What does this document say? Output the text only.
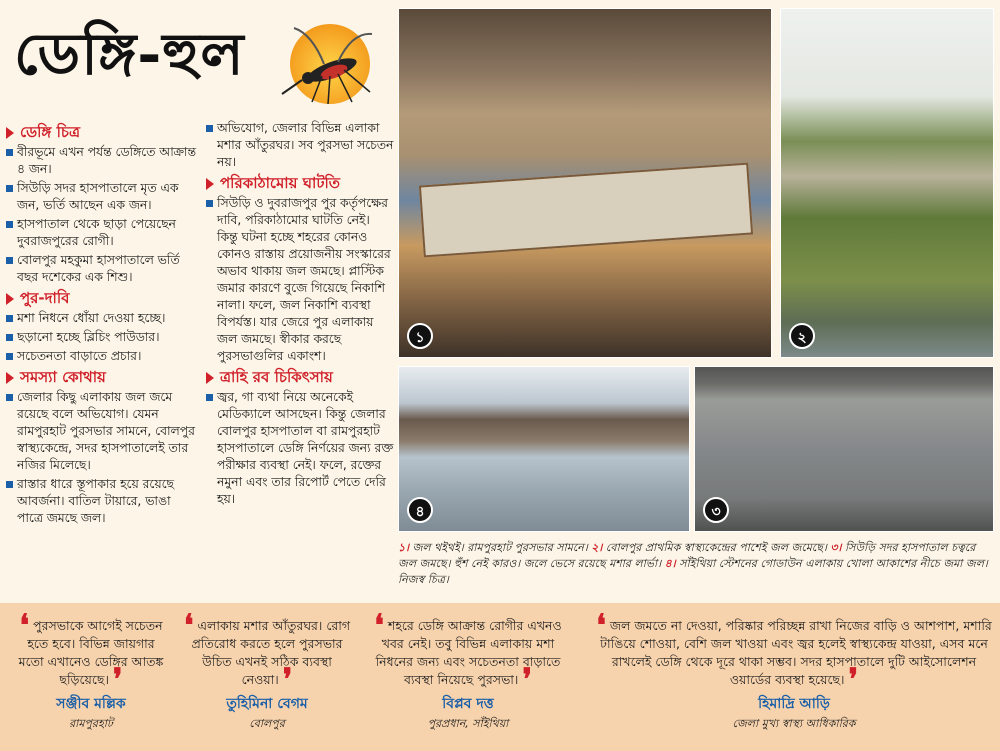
ডেঙ্গি-হুল
ডেঙ্গি চিত্র
বীরভূমে এখন পর্যন্ত ডেঙ্গিতে আক্রান্ত ৪ জন।
সিউড়ি সদর হাসপাতালে মৃত এক জন, ভর্তি আছেন এক জন।
হাসপাতাল থেকে ছাড়া পেয়েছেন দুবরাজপুরের রোগী।
বোলপুর মহকুমা হাসপাতালে ভর্তি বছর দশেকের এক শিশু।
পুর-দাবি
মশা নিধনে ধোঁয়া দেওয়া হচ্ছে।
ছড়ানো হচ্ছে ব্লিচিং পাউডার।
সচেতনতা বাড়াতে প্রচার।
সমস্যা কোথায়
জেলার কিছু এলাকায় জল জমে রয়েছে বলে অভিযোগ। যেমন রামপুরহাট পুরসভার সামনে, বোলপুর স্বাস্থ্যকেন্দ্রে, সদর হাসপাতালেই তার নজির মিলেছে।
রাস্তার ধারে স্তূপাকার হয়ে রয়েছে আবর্জনা। বাতিল টায়ারে, ভাঙা পাত্রে জমছে জল।
অভিযোগ, জেলার বিভিন্ন এলাকা মশার আঁতুরঘর। সব পুরসভা সচেতন নয়।
পরিকাঠামোয় ঘাটতি
সিউড়ি ও দুবরাজপুর পুর কর্তৃপক্ষের দাবি, পরিকাঠামোর ঘাটতি নেই। কিন্তু ঘটনা হচ্ছে শহরের কোনও কোনও রাস্তায় প্রয়োজনীয় সংস্কারের অভাব থাকায় জল জমছে। প্লাস্টিক জমার কারণে বুজে গিয়েছে নিকাশি নালা। ফলে, জল নিকাশি ব্যবস্থা বিপর্যস্ত। যার জেরে পুর এলাকায় জল জমছে। স্বীকার করছে পুরসভাগুলির একাংশ।
ত্রাহি রব চিকিৎসায়
জ্বর, গা ব্যথা নিয়ে অনেকেই মেডিক্যালে আসছেন। কিন্তু জেলার বোলপুর হাসপাতাল বা রামপুরহাট হাসপাতালে ডেঙ্গি নির্ণয়ের জন্য রক্ত পরীক্ষার ব্যবস্থা নেই। ফলে, রক্তের নমুনা এবং তার রিপোর্ট পেতে দেরি হয়।
১	২
৪	৩
১। জল থইথই। রামপুরহাট পুরসভার সামনে। ২। বোলপুর প্রাথমিক স্বাস্থ্যকেন্দ্রের পাশেই জল জমেছে। ৩। সিউড়ি সদর হাসপাতাল চত্বরে জল জমছে। হুঁশ নেই কারও। জলে ভেসে রয়েছে মশার লার্ভা। ৪। সাঁইথিয়া স্টেশনের গোডাউন এলাকায় খোলা আকাশের নীচে জমা জল। নিজস্ব চিত্র।
❛ পুরসভাকে আগেই সচেতন হতে হবে। বিভিন্ন জায়গার মতো এখানেও ডেঙ্গির আতঙ্ক ছড়িয়েছে। ❜
সঞ্জীব মল্লিক
রামপুরহাট
❛ এলাকায় মশার আঁতুরঘর। রোগ প্রতিরোধ করতে হলে পুরসভার উচিত এখনই সঠিক ব্যবস্থা নেওয়া। ❜
তুহিমিনা বেগম
বোলপুর
❛ শহরে ডেঙ্গি আক্রান্ত রোগীর এখনও খবর নেই। তবু বিভিন্ন এলাকায় মশা নিধনের জন্য এবং সচেতনতা বাড়াতে ব্যবস্থা নিয়েছে পুরসভা। ❜
বিপ্লব দত্ত
পুরপ্রধান, সাঁইথিয়া
❛ জল জমতে না দেওয়া, পরিষ্কার পরিচ্ছন্ন রাখা নিজের বাড়ি ও আশপাশ, মশারি টাঙিয়ে শোওয়া, বেশি জল খাওয়া এবং জ্বর হলেই স্বাস্থ্যকেন্দ্র যাওয়া, এসব মনে রাখলেই ডেঙ্গি থেকে দূরে থাকা সম্ভব। সদর হাসপাতালে দুটি আইসোলেশন ওয়ার্ডের ব্যবস্থা হয়েছে। ❜
হিমাদ্রি আড়ি
জেলা মুখ্য স্বাস্থ্য আধিকারিক
